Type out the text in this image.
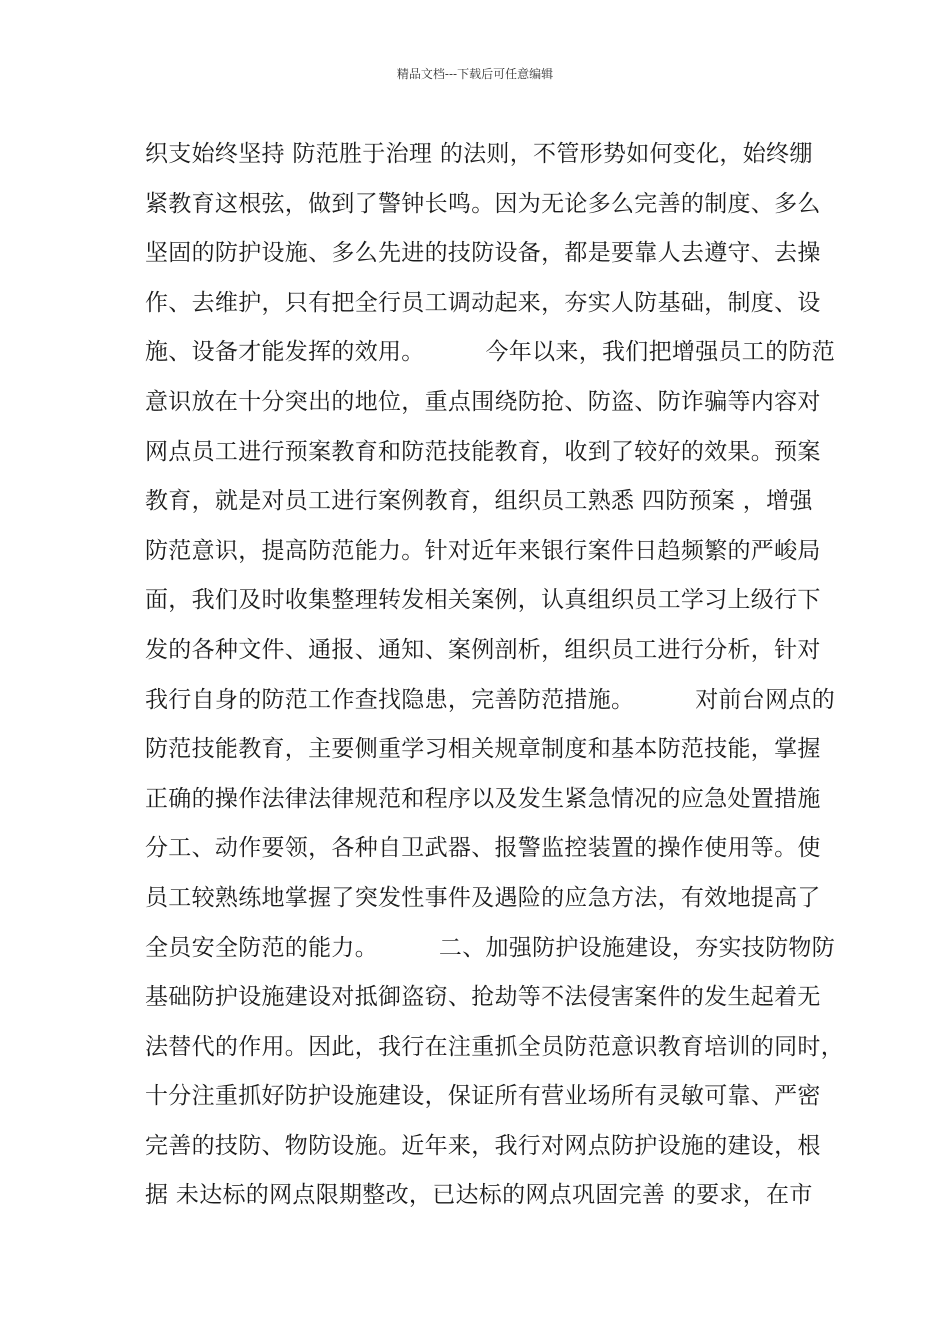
精品文档---下载后可任意编辑
织支始终坚持 防范胜于治理 的法则，不管形势如何变化，始终绷
紧教育这根弦，做到了警钟长鸣。因为无论多么完善的制度、多么
坚固的防护设施、多么先进的技防设备，都是要靠人去遵守、去操
作、去维护，只有把全行员工调动起来，夯实人防基础，制度、设
施、设备才能发挥的效用。        今年以来，我们把增强员工的防范
意识放在十分突出的地位，重点围绕防抢、防盗、防诈骗等内容对
网点员工进行预案教育和防范技能教育，收到了较好的效果。预案
教育，就是对员工进行案例教育，组织员工熟悉 四防预案 ，增强
防范意识，提高防范能力。针对近年来银行案件日趋频繁的严峻局
面，我们及时收集整理转发相关案例，认真组织员工学习上级行下
发的各种文件、通报、通知、案例剖析，组织员工进行分析，针对
我行自身的防范工作查找隐患，完善防范措施。        对前台网点的
防范技能教育，主要侧重学习相关规章制度和基本防范技能，掌握
正确的操作法律法律规范和程序以及发生紧急情况的应急处置措施
分工、动作要领，各种自卫武器、报警监控装置的操作使用等。使
员工较熟练地掌握了突发性事件及遇险的应急方法，有效地提高了
全员安全防范的能力。        二、加强防护设施建设，夯实技防物防
基础防护设施建设对抵御盗窃、抢劫等不法侵害案件的发生起着无
法替代的作用。因此，我行在注重抓全员防范意识教育培训的同时，
十分注重抓好防护设施建设，保证所有营业场所有灵敏可靠、严密
完善的技防、物防设施。近年来，我行对网点防护设施的建设，根
据 未达标的网点限期整改，已达标的网点巩固完善 的要求，在市
